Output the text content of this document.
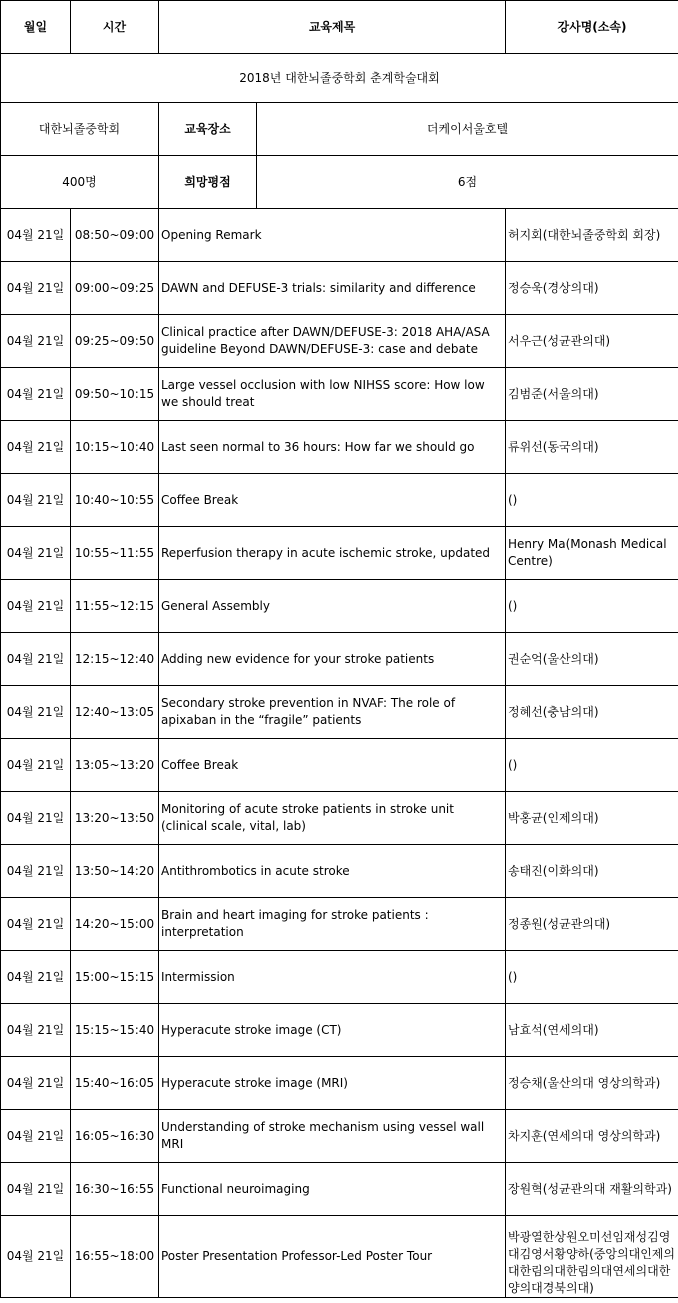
2018년 대한뇌졸중학회 춘계학술대회				
대한뇌졸중학회		교육장소	더케이서울호텔	
400명		희망평점	6점	
월일	시간	교육제목		강사명(소속)
04월 21일	08:50~09:00	Opening Remark		허지회(대한뇌졸중학회 회장)
04월 21일	09:00~09:25	DAWN and DEFUSE-3 trials: similarity and difference		정승욱(경상의대)
04월 21일	09:25~09:50	Clinical practice after DAWN/DEFUSE-3: 2018 AHA/ASA guideline Beyond DAWN/DEFUSE-3: case and debate		서우근(성균관의대)
04월 21일	09:50~10:15	Large vessel occlusion with low NIHSS score: How low we should treat		김범준(서울의대)
04월 21일	10:15~10:40	Last seen normal to 36 hours: How far we should go		류위선(동국의대)
04월 21일	10:40~10:55	Coffee Break		()
04월 21일	10:55~11:55	Reperfusion therapy in acute ischemic stroke, updated		Henry Ma(Monash Medical Centre)
04월 21일	11:55~12:15	General Assembly		()
04월 21일	12:15~12:40	Adding new evidence for your stroke patients		권순억(울산의대)
04월 21일	12:40~13:05	Secondary stroke prevention in NVAF: The role of apixaban in the “fragile” patients		정혜선(충남의대)
04월 21일	13:05~13:20	Coffee Break		()
04월 21일	13:20~13:50	Monitoring of acute stroke patients in stroke unit (clinical scale, vital, lab)		박홍균(인제의대)
04월 21일	13:50~14:20	Antithrombotics in acute stroke		송태진(이화의대)
04월 21일	14:20~15:00	Brain and heart imaging for stroke patients : interpretation		정종원(성균관의대)
04월 21일	15:00~15:15	Intermission		()
04월 21일	15:15~15:40	Hyperacute stroke image (CT)		남효석(연세의대)
04월 21일	15:40~16:05	Hyperacute stroke image (MRI)		정승채(울산의대 영상의학과)
04월 21일	16:05~16:30	Understanding of stroke mechanism using vessel wall MRI		차지훈(연세의대 영상의학과)
04월 21일	16:30~16:55	Functional neuroimaging		장원혁(성균관의대 재활의학과)
04월 21일	16:55~18:00	Poster Presentation Professor-Led Poster Tour		박광열한상원오미선임재성김영대김영서황양하(중앙의대인제의대한림의대한림의대연세의대한양의대경북의대)
